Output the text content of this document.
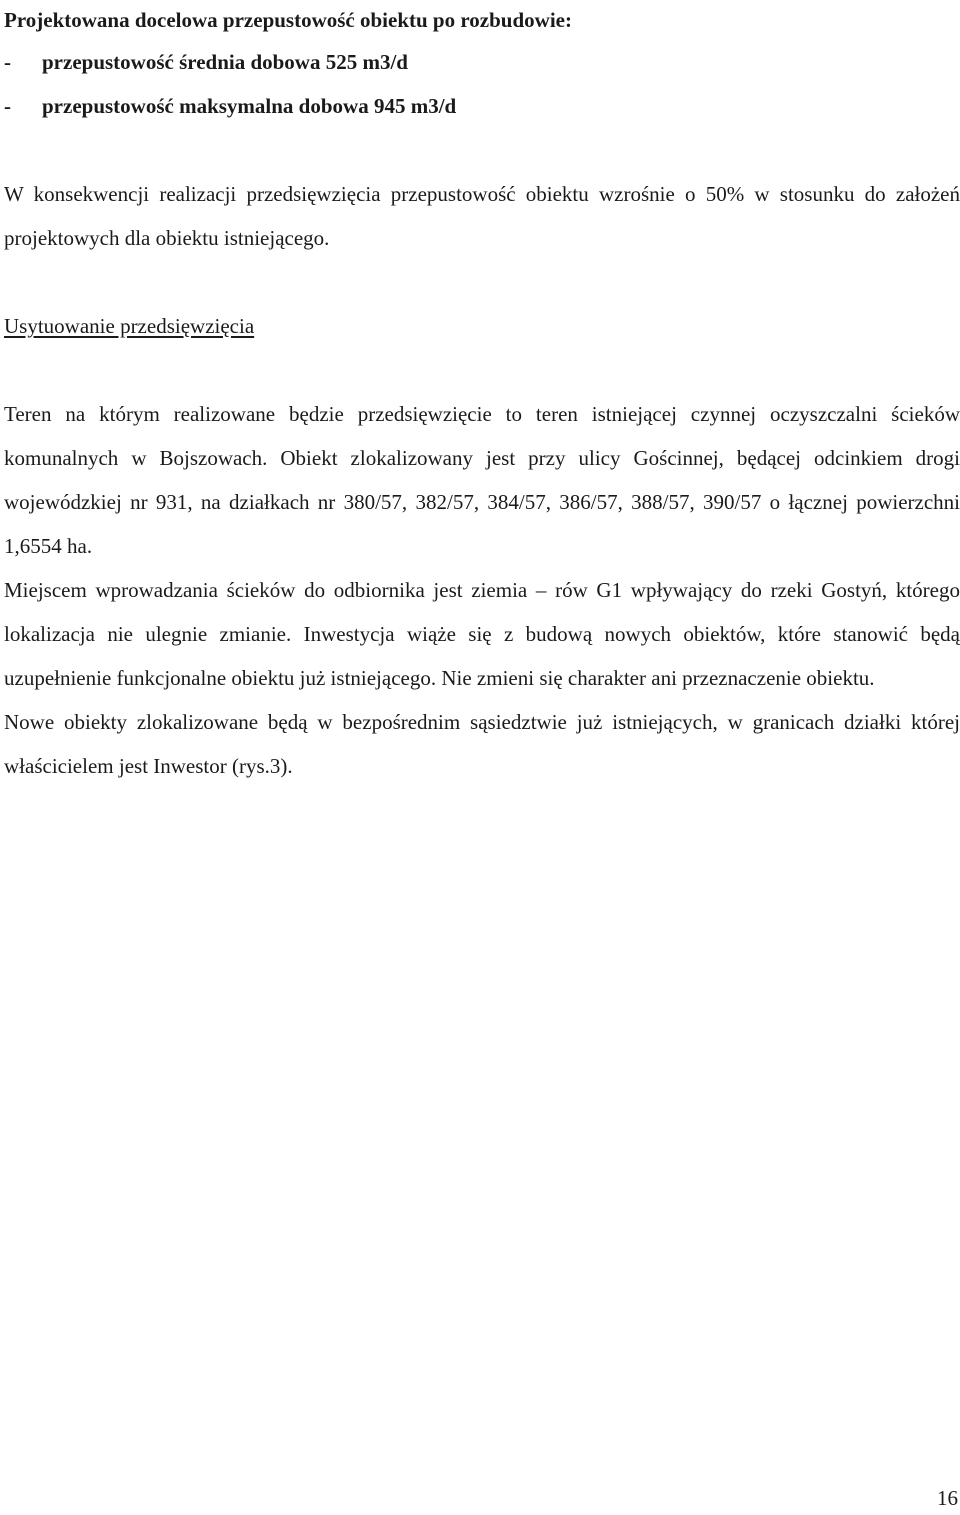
Projektowana docelowa przepustowość obiektu po rozbudowie:

-	przepustowość średnia dobowa 525 m3/d
-	przepustowość maksymalna dobowa 945 m3/d

W konsekwencji realizacji przedsięwzięcia przepustowość obiektu wzrośnie o 50% w stosunku do założeń projektowych dla obiektu istniejącego.

Usytuowanie przedsięwzięcia

Teren na którym realizowane będzie przedsięwzięcie to teren istniejącej czynnej oczyszczalni ścieków komunalnych w Bojszowach. Obiekt zlokalizowany jest przy ulicy Gościnnej, będącej odcinkiem drogi wojewódzkiej nr 931, na działkach nr 380/57, 382/57, 384/57, 386/57, 388/57, 390/57 o łącznej powierzchni 1,6554 ha.

Miejscem wprowadzania ścieków do odbiornika jest ziemia – rów G1 wpływający do rzeki Gostyń, którego lokalizacja nie ulegnie zmianie. Inwestycja wiąże się z budową nowych obiektów, które stanowić będą uzupełnienie funkcjonalne obiektu już istniejącego. Nie zmieni się charakter ani przeznaczenie obiektu.

Nowe obiekty zlokalizowane będą w bezpośrednim sąsiedztwie już istniejących, w granicach działki której właścicielem jest Inwestor (rys.3).

16
